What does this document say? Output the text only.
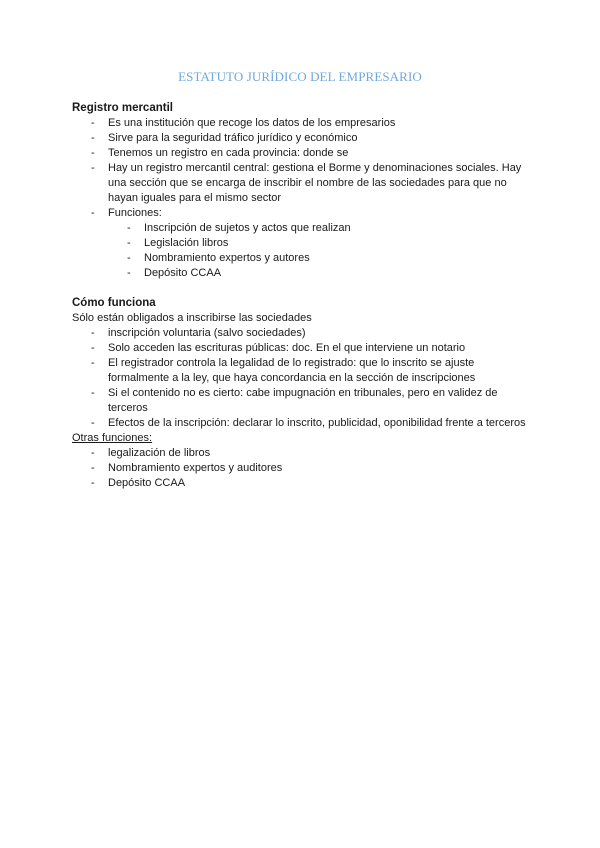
ESTATUTO JURÍDICO DEL EMPRESARIO
Registro mercantil
- Es una institución que recoge los datos de los empresarios
- Sirve para la seguridad tráfico jurídico y económico
- Tenemos un registro en cada provincia: donde se
- Hay un registro mercantil central: gestiona el Borme y denominaciones sociales. Hay una sección que se encarga de inscribir el nombre de las sociedades para que no hayan iguales para el mismo sector
- Funciones:
- Inscripción de sujetos y actos que realizan
- Legislación libros
- Nombramiento expertos y autores
- Depósito CCAA
Cómo funciona
Sólo están obligados a inscribirse las sociedades
- inscripción voluntaria (salvo sociedades)
- Solo acceden las escrituras públicas: doc. En el que interviene un notario
- El registrador controla la legalidad de lo registrado: que lo inscrito se ajuste formalmente a la ley, que haya concordancia en la sección de inscripciones
- Si el contenido no es cierto: cabe impugnación en tribunales, pero en validez de terceros
- Efectos de la inscripción: declarar lo inscrito, publicidad, oponibilidad frente a terceros
Otras funciones:
- legalización de libros
- Nombramiento expertos y auditores
- Depósito CCAA
